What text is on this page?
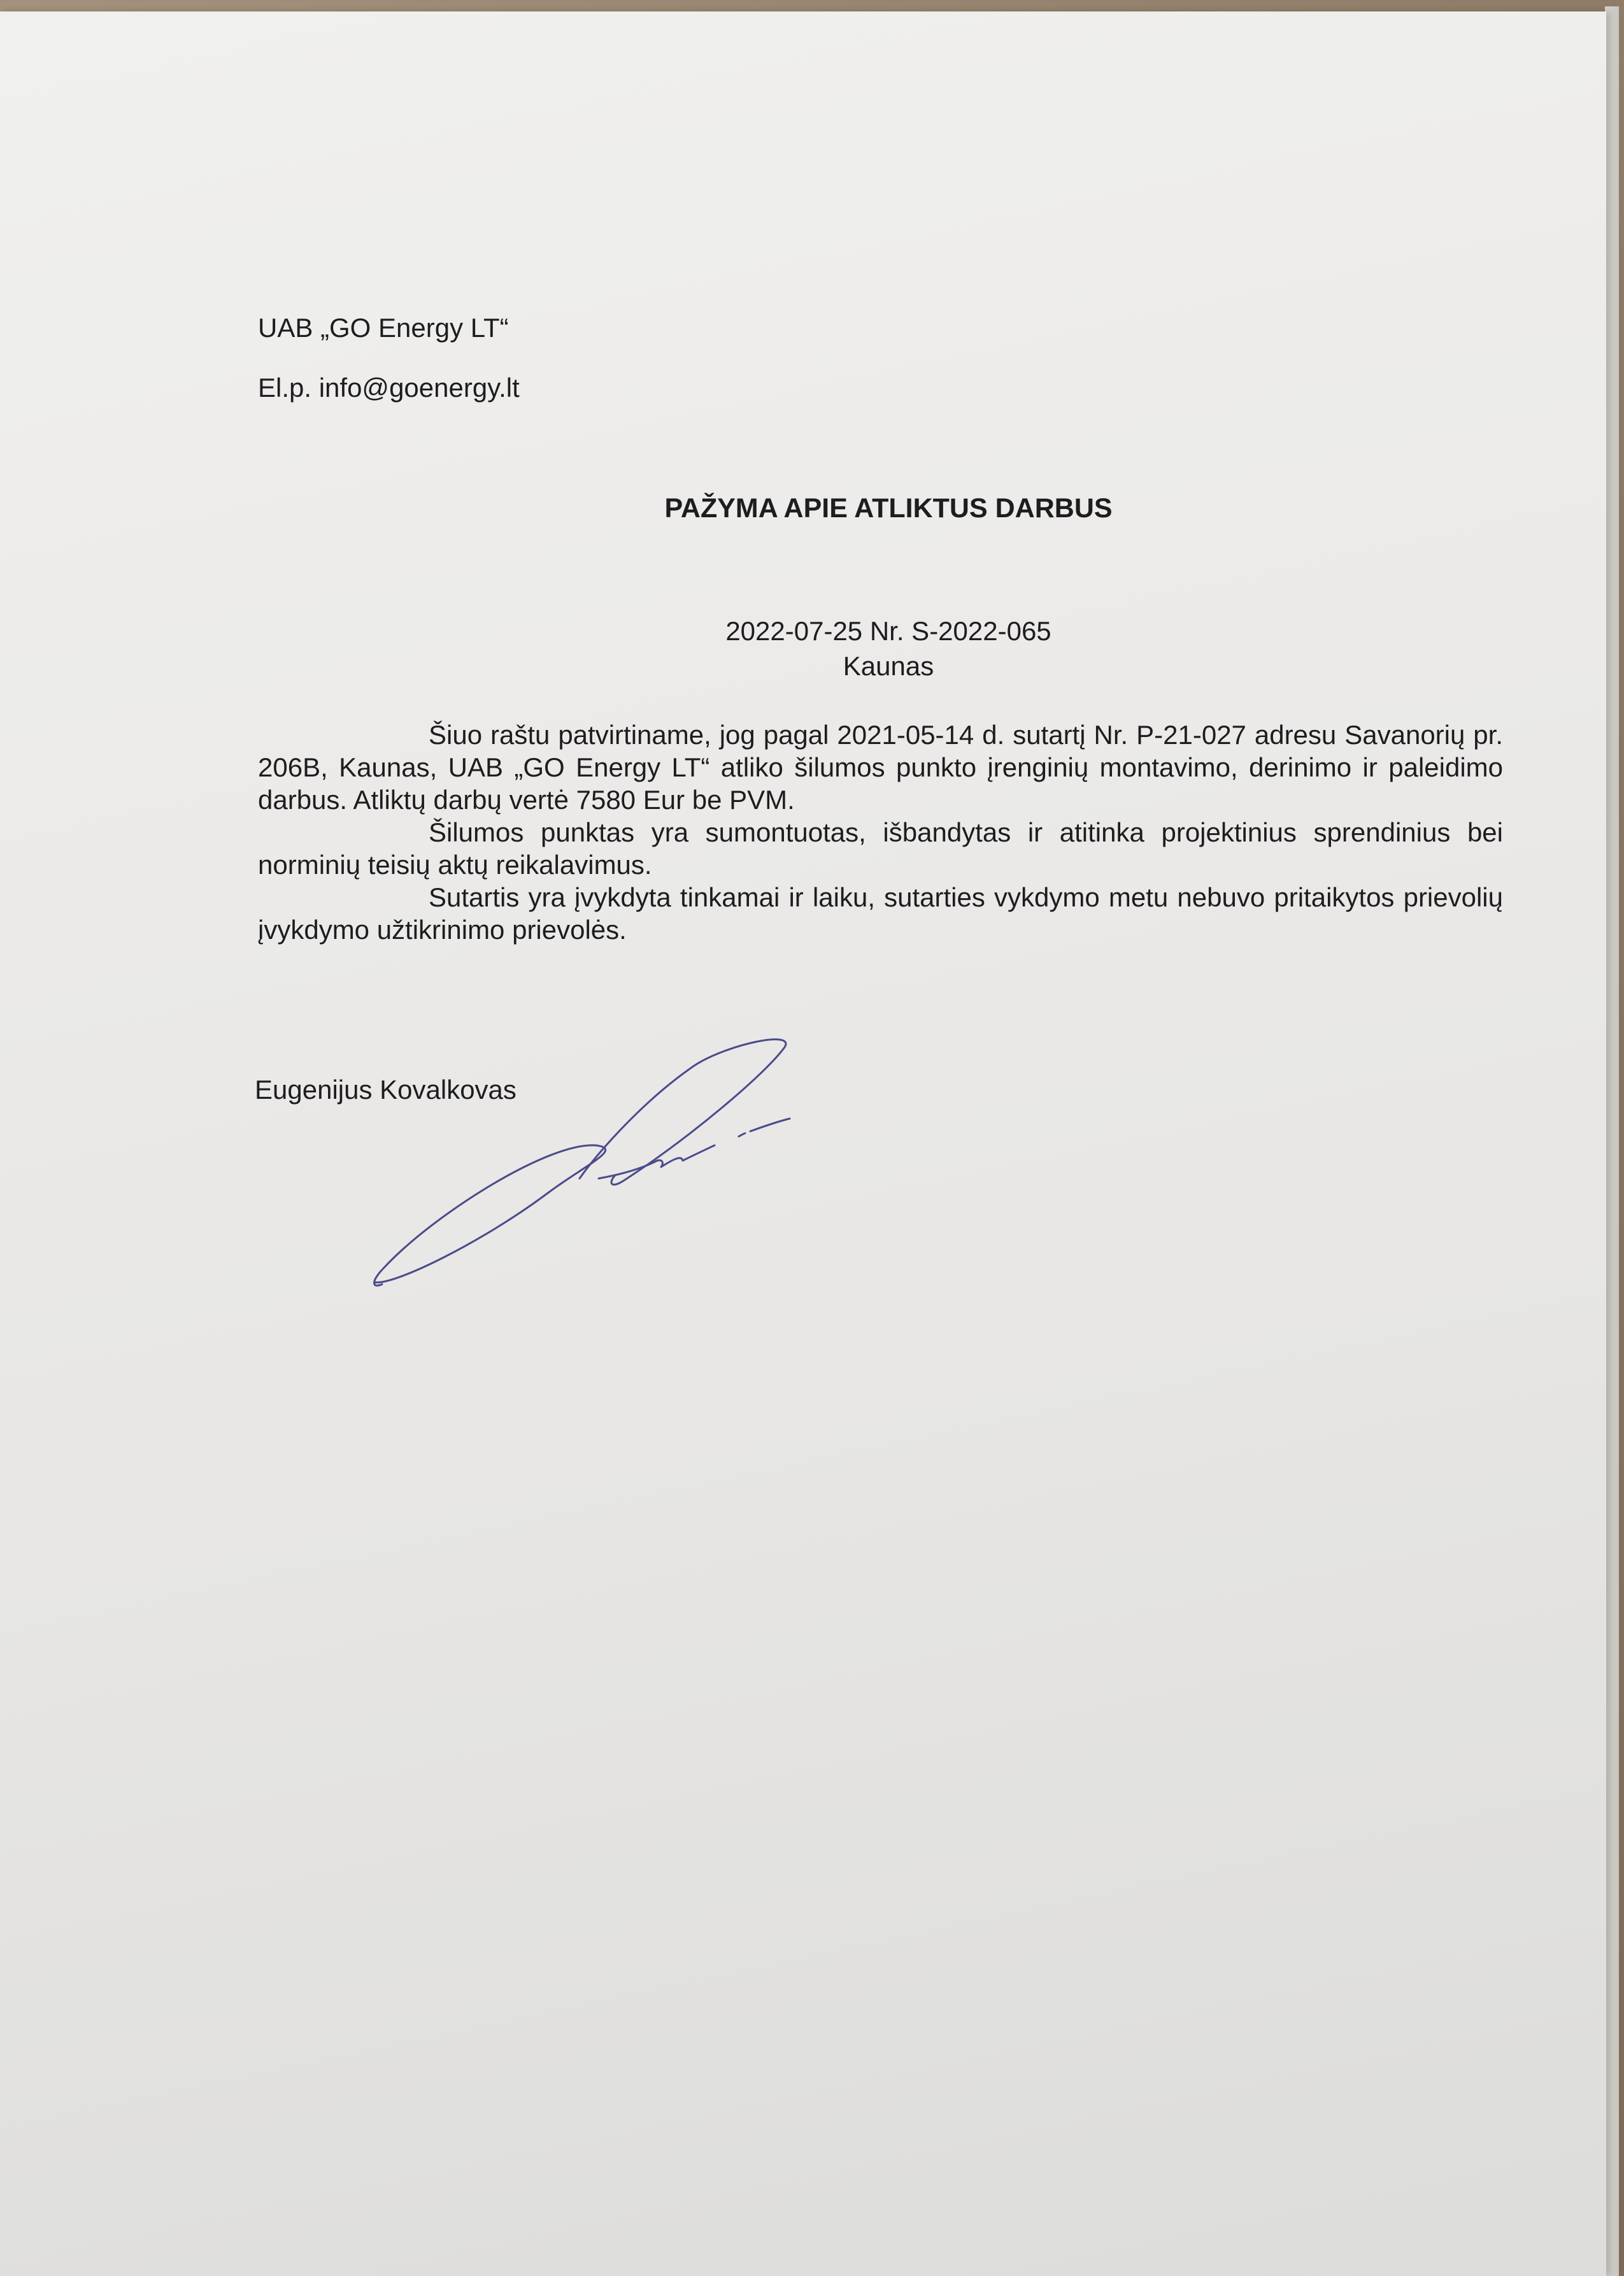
UAB „GO Energy LT“
El.p. info@goenergy.lt
PAŽYMA APIE ATLIKTUS DARBUS
2022-07-25 Nr. S-2022-065
Kaunas

Šiuo raštu patvirtiname, jog pagal 2021-05-14 d. sutartį Nr. P-21-027 adresu Savanorių pr. 206B, Kaunas, UAB „GO Energy LT“ atliko šilumos punkto įrenginių montavimo, derinimo ir paleidimo darbus. Atliktų darbų vertė 7580 Eur be PVM.

Šilumos punktas yra sumontuotas, išbandytas ir atitinka projektinius sprendinius bei norminių teisių aktų reikalavimus.

Sutartis yra įvykdyta tinkamai ir laiku, sutarties vykdymo metu nebuvo pritaikytos prievolių įvykdymo užtikrinimo prievolės.

Eugenijus Kovalkovas
